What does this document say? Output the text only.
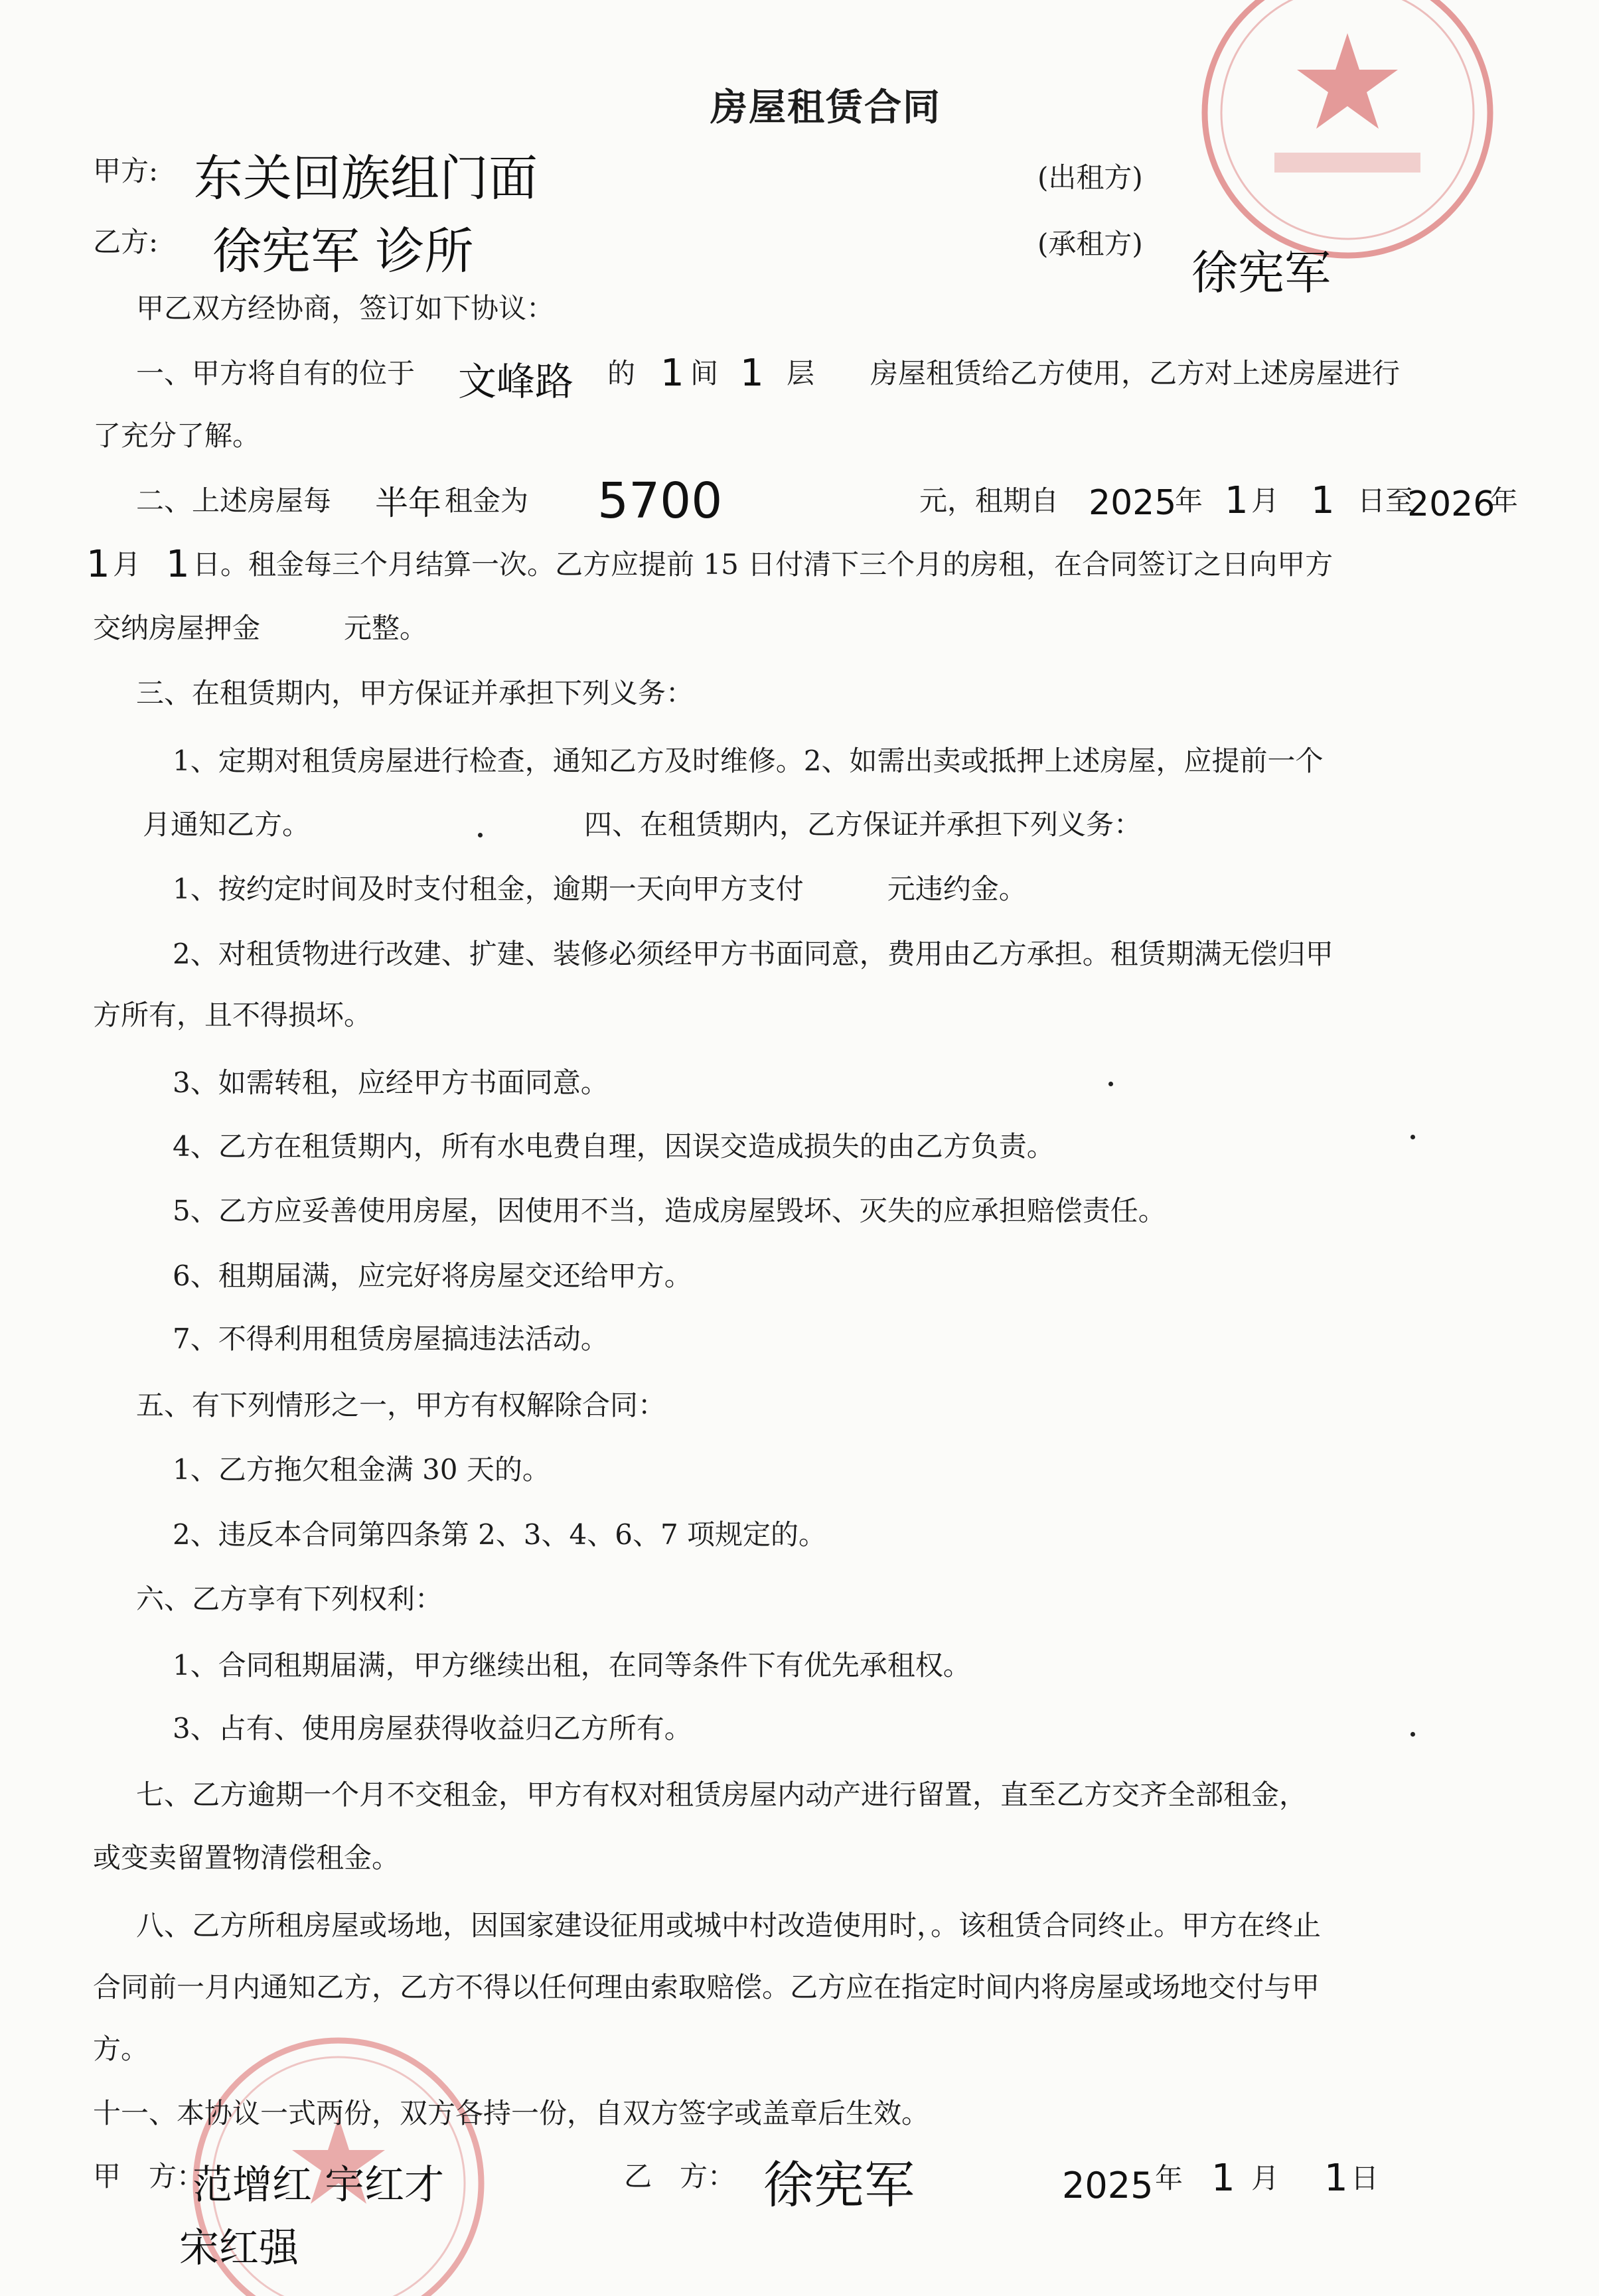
房屋租赁合同
甲方: 东关回族组门面	(出租方)
乙方: 徐宪军 诊所	(承租方)
徐宪军
甲乙双方经协商，签订如下协议：
一、甲方将自有的位于 文峰路 的 1 间 1 层　　房屋租赁给乙方使用，乙方对上述房屋进行
了充分了解。
二、上述房屋每 半年 租金为 5700	元，租期自 2025
年 1 月 1 日至
2026
年
1 月 1 日。租金每三个月结算一次。乙方应提前 15 日付清下三个月的房租，在合同签订之日向甲方
交纳房屋押金　　　元整。
三、在租赁期内，甲方保证并承担下列义务：
1、定期对租赁房屋进行检查，通知乙方及时维修。2、如需出卖或抵押上述房屋，应提前一个
月通知乙方。	四、在租赁期内，乙方保证并承担下列义务：
1、按约定时间及时支付租金，逾期一天向甲方支付　　　元违约金。
2、对租赁物进行改建、扩建、装修必须经甲方书面同意，费用由乙方承担。租赁期满无偿归甲
方所有，且不得损坏。
3、如需转租，应经甲方书面同意。
4、乙方在租赁期内，所有水电费自理，因误交造成损失的由乙方负责。
5、乙方应妥善使用房屋，因使用不当，造成房屋毁坏、灭失的应承担赔偿责任。
6、租期届满，应完好将房屋交还给甲方。
7、不得利用租赁房屋搞违法活动。
五、有下列情形之一，甲方有权解除合同：
1、乙方拖欠租金满 30 天的。
2、违反本合同第四条第 2、3、4、6、7 项规定的。
六、乙方享有下列权利：
1、合同租期届满，甲方继续出租，在同等条件下有优先承租权。
3、占有、使用房屋获得收益归乙方所有。
七、乙方逾期一个月不交租金，甲方有权对租赁房屋内动产进行留置，直至乙方交齐全部租金，
或变卖留置物清偿租金。
八、乙方所租房屋或场地，因国家建设征用或城中村改造使用时，。该租赁合同终止。甲方在终止
合同前一月内通知乙方，乙方不得以任何理由索取赔偿。乙方应在指定时间内将房屋或场地交付与甲
方。
十一、本协议一式两份，双方各持一份，自双方签字或盖章后生效。
甲　方：
范增红 宇红才
宋红强
乙　方： 徐宪军	2025 年 1 月 1 日
